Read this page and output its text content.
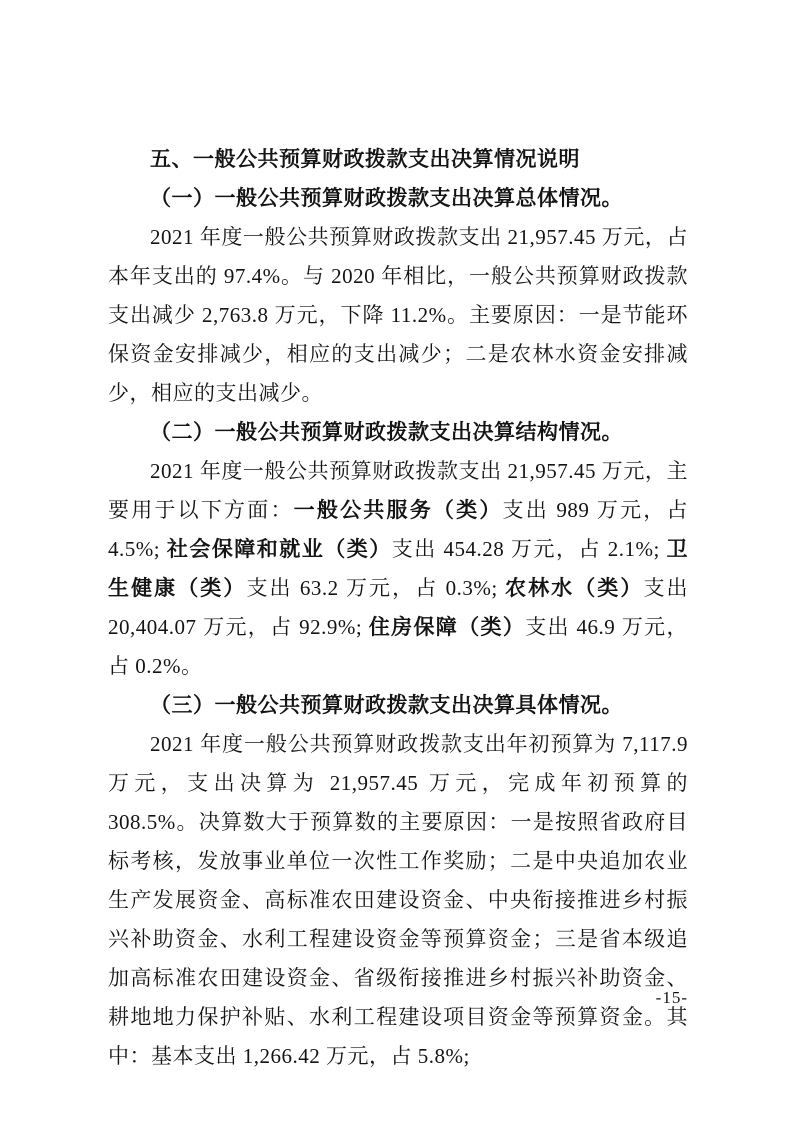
五、一般公共预算财政拨款支出决算情况说明

（一）一般公共预算财政拨款支出决算总体情况。

2021 年度一般公共预算财政拨款支出 21,957.45 万元，占本年支出的 97.4%。与 2020 年相比，一般公共预算财政拨款支出减少 2,763.8 万元，下降 11.2%。主要原因：一是节能环保资金安排减少，相应的支出减少；二是农林水资金安排减少，相应的支出减少。

（二）一般公共预算财政拨款支出决算结构情况。

2021 年度一般公共预算财政拨款支出 21,957.45 万元，主要用于以下方面：一般公共服务（类）支出 989 万元，占 4.5%; 社会保障和就业（类）支出 454.28 万元，占 2.1%; 卫生健康（类）支出 63.2 万元，占 0.3%; 农林水（类）支出 20,404.07 万元，占 92.9%; 住房保障（类）支出 46.9 万元，占 0.2%。

（三）一般公共预算财政拨款支出决算具体情况。

2021 年度一般公共预算财政拨款支出年初预算为 7,117.9 万元，支出决算为 21,957.45 万元，完成年初预算的 308.5%。决算数大于预算数的主要原因：一是按照省政府目标考核，发放事业单位一次性工作奖励；二是中央追加农业生产发展资金、高标准农田建设资金、中央衔接推进乡村振兴补助资金、水利工程建设资金等预算资金；三是省本级追加高标准农田建设资金、省级衔接推进乡村振兴补助资金、耕地地力保护补贴、水利工程建设项目资金等预算资金。其中：基本支出 1,266.42 万元，占 5.8%;

-15-
